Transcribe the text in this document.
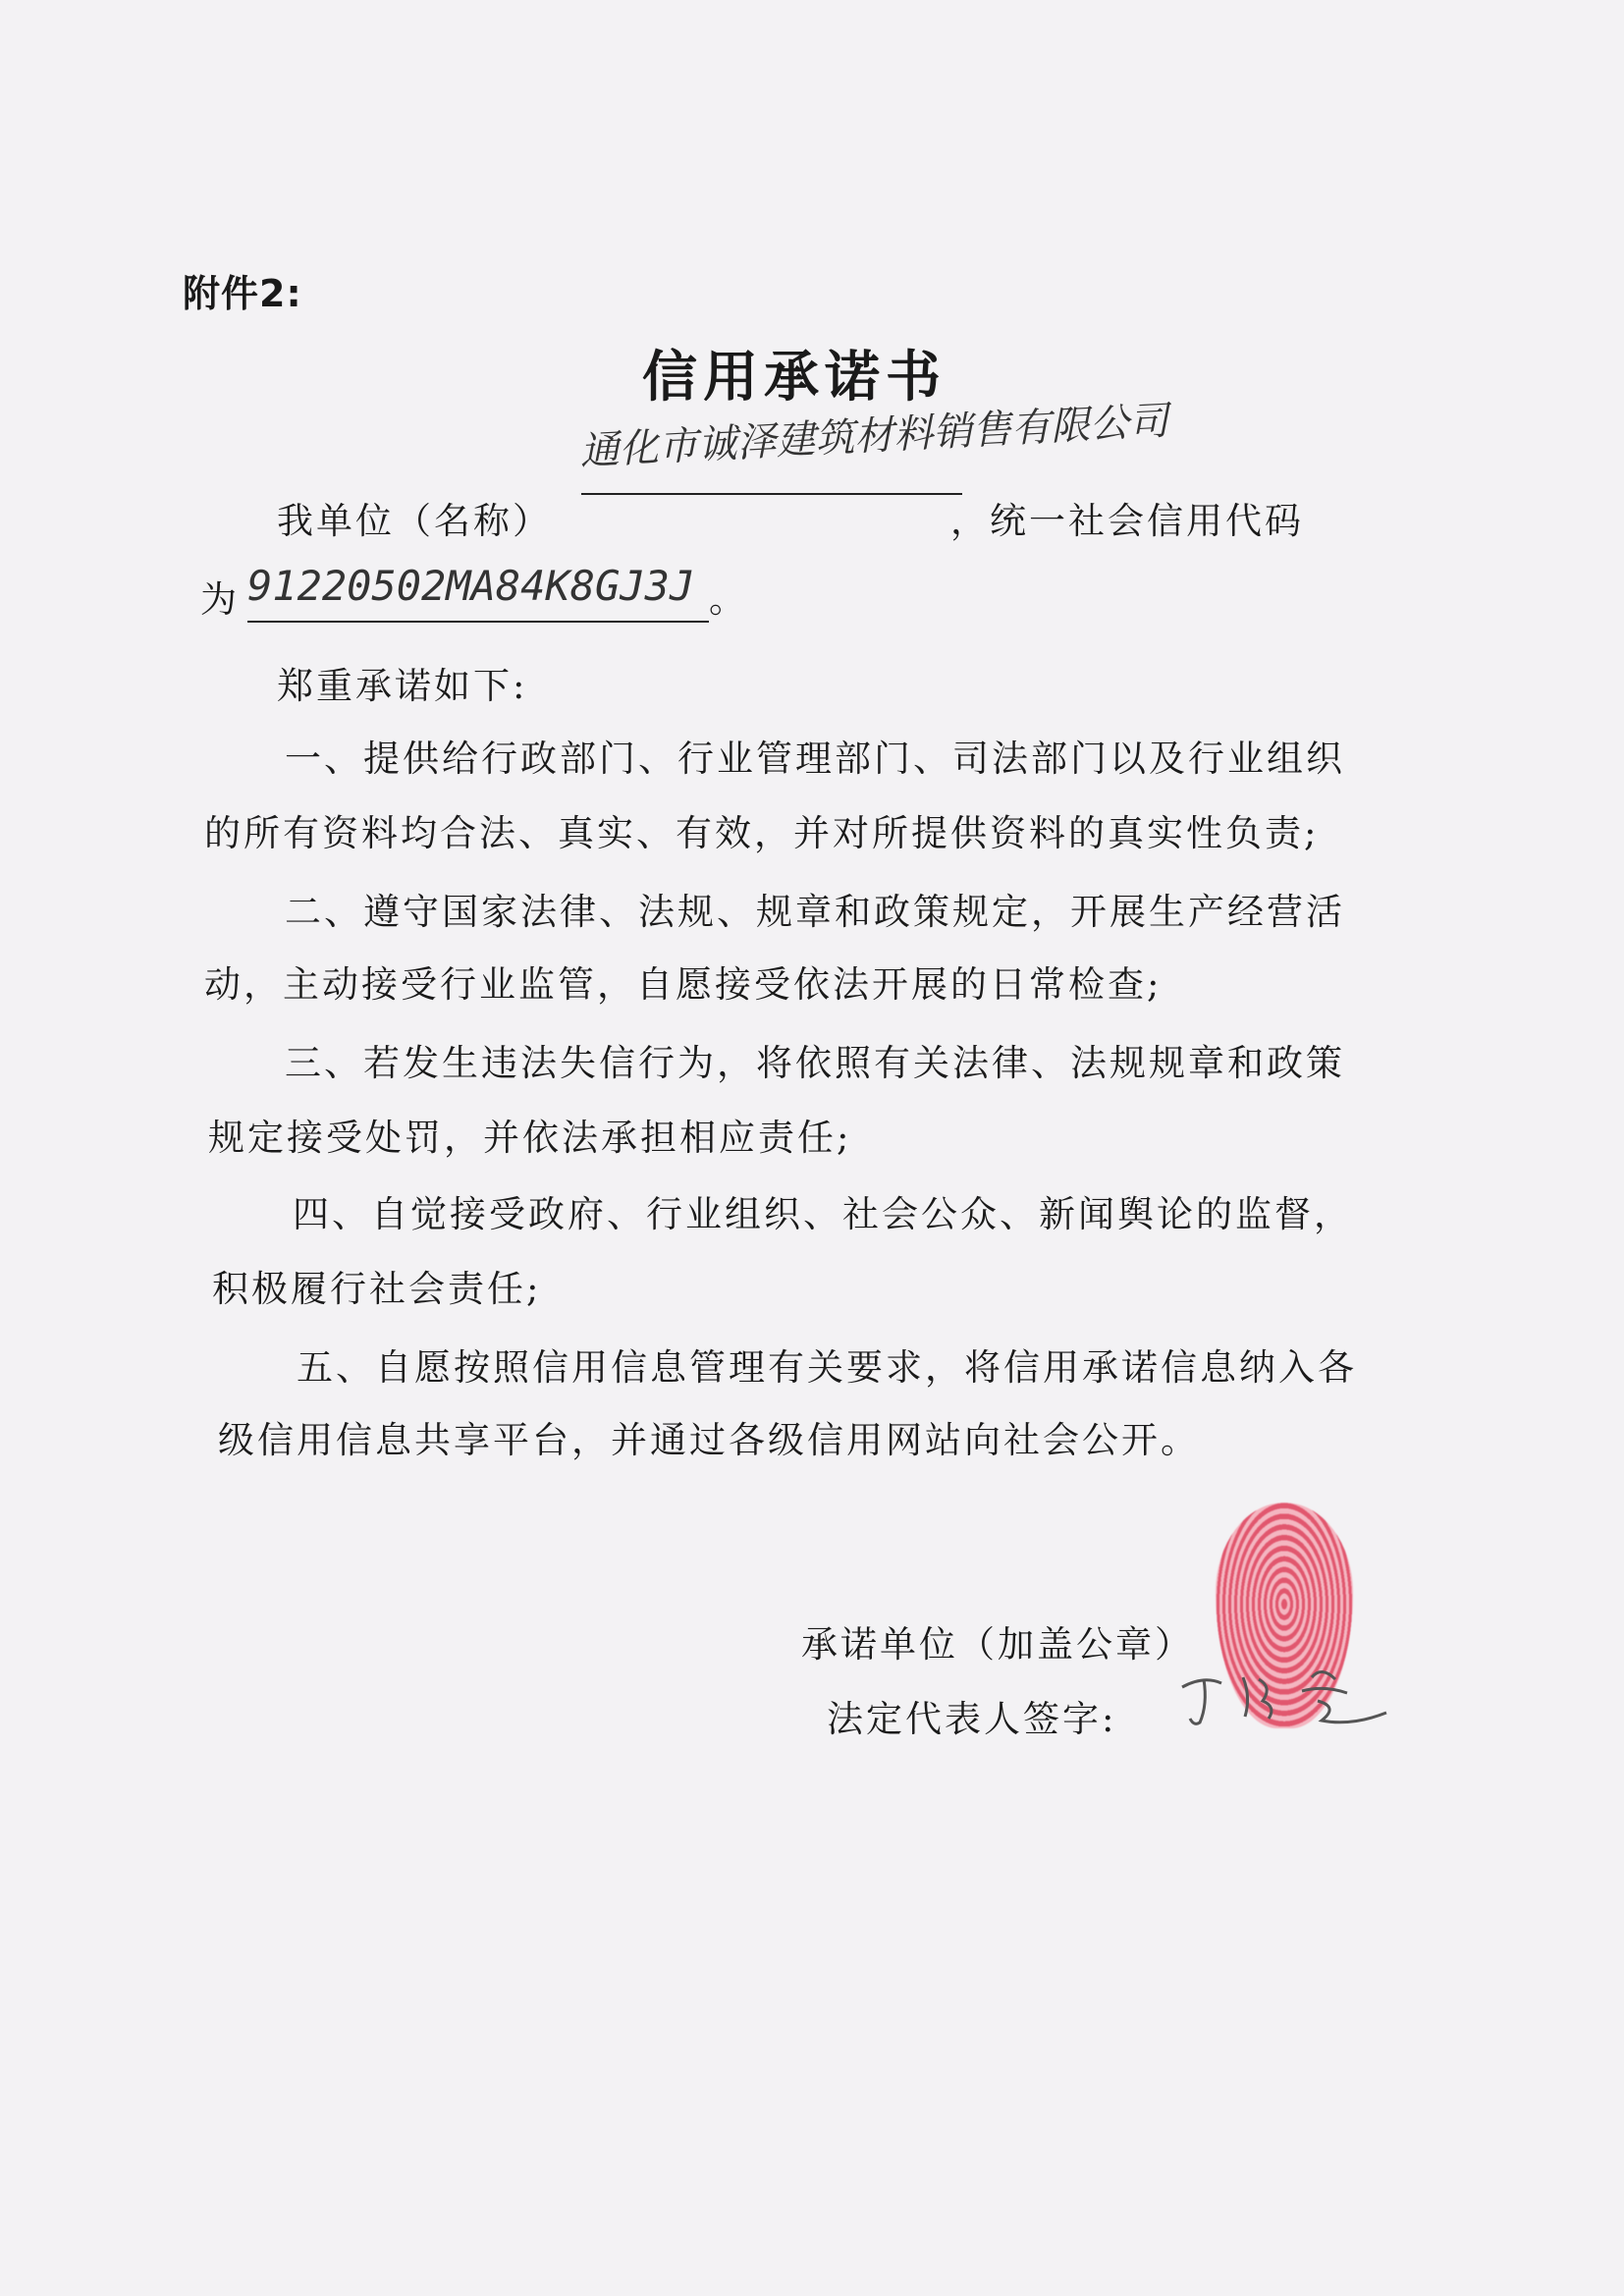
附件2:
信用承诺书
我单位（名称）
通化市诚泽建筑材料销售有限公司
，统一社会信用代码
为 91220502MA84K8GJ3J 。
郑重承诺如下:
一、提供给行政部门、行业管理部门、司法部门以及行业组织
的所有资料均合法、真实、有效，并对所提供资料的真实性负责;
二、遵守国家法律、法规、规章和政策规定，开展生产经营活
动，主动接受行业监管，自愿接受依法开展的日常检查;
三、若发生违法失信行为，将依照有关法律、法规规章和政策
规定接受处罚，并依法承担相应责任;
四、自觉接受政府、行业组织、社会公众、新闻舆论的监督，
积极履行社会责任;
五、自愿按照信用信息管理有关要求，将信用承诺信息纳入各
级信用信息共享平台，并通过各级信用网站向社会公开。
承诺单位（加盖公章）
法定代表人签字:
